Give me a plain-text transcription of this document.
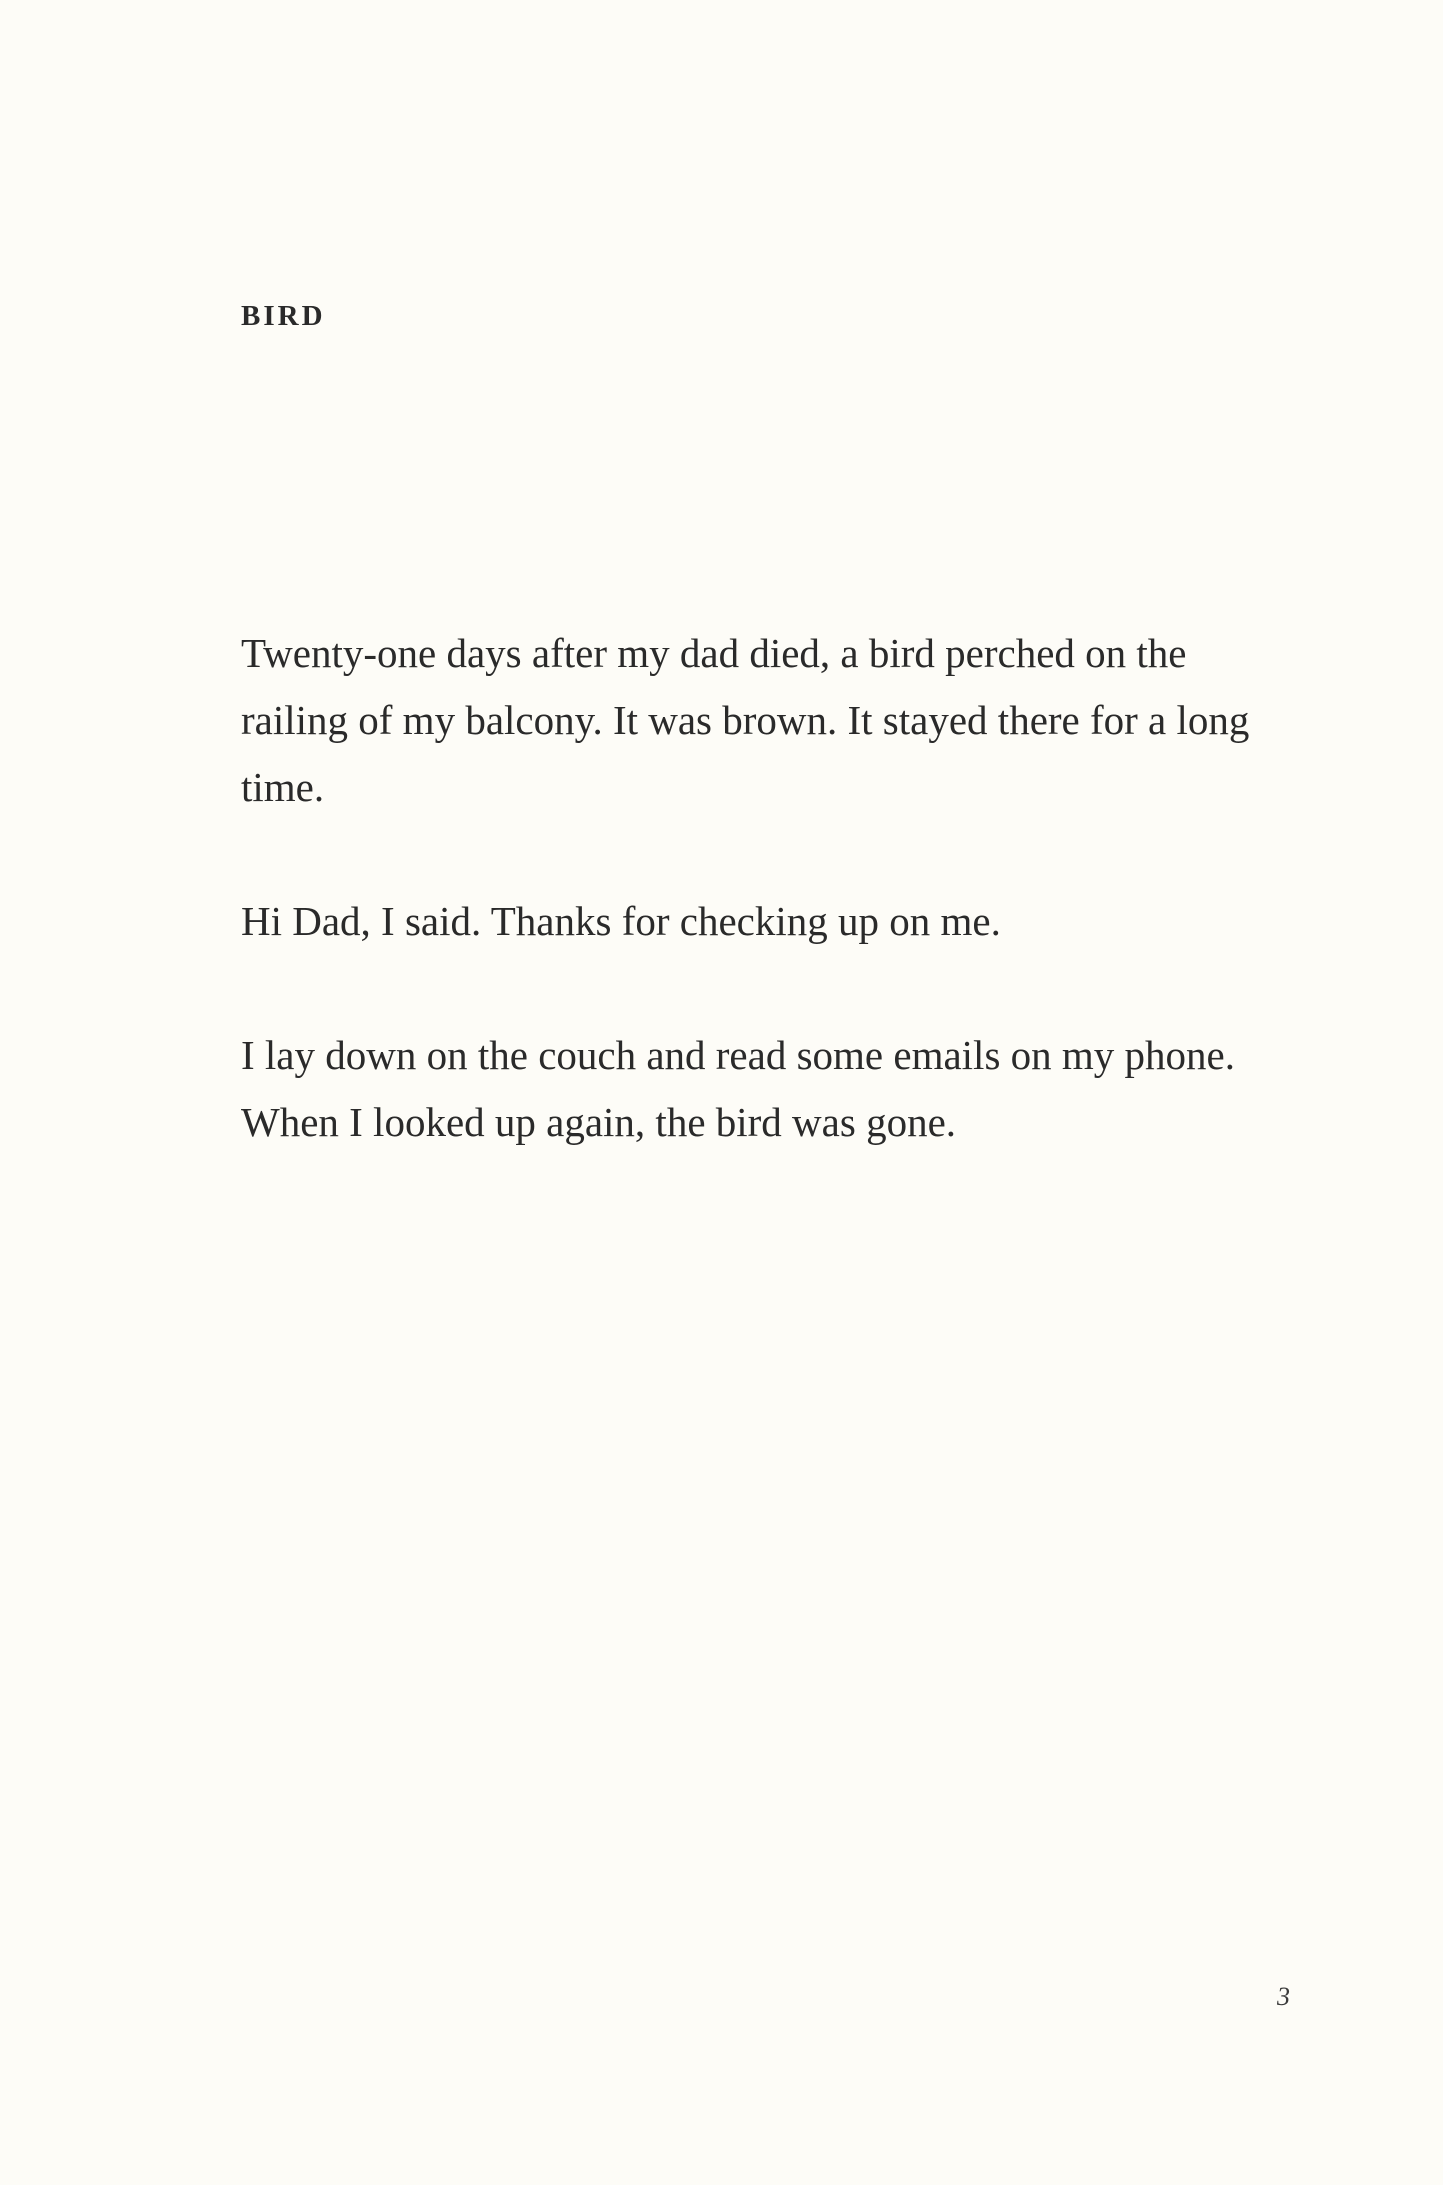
BIRD

Twenty-one days after my dad died, a bird perched on the railing of my balcony. It was brown. It stayed there for a long time.

Hi Dad, I said. Thanks for checking up on me.

I lay down on the couch and read some emails on my phone. When I looked up again, the bird was gone.

3
